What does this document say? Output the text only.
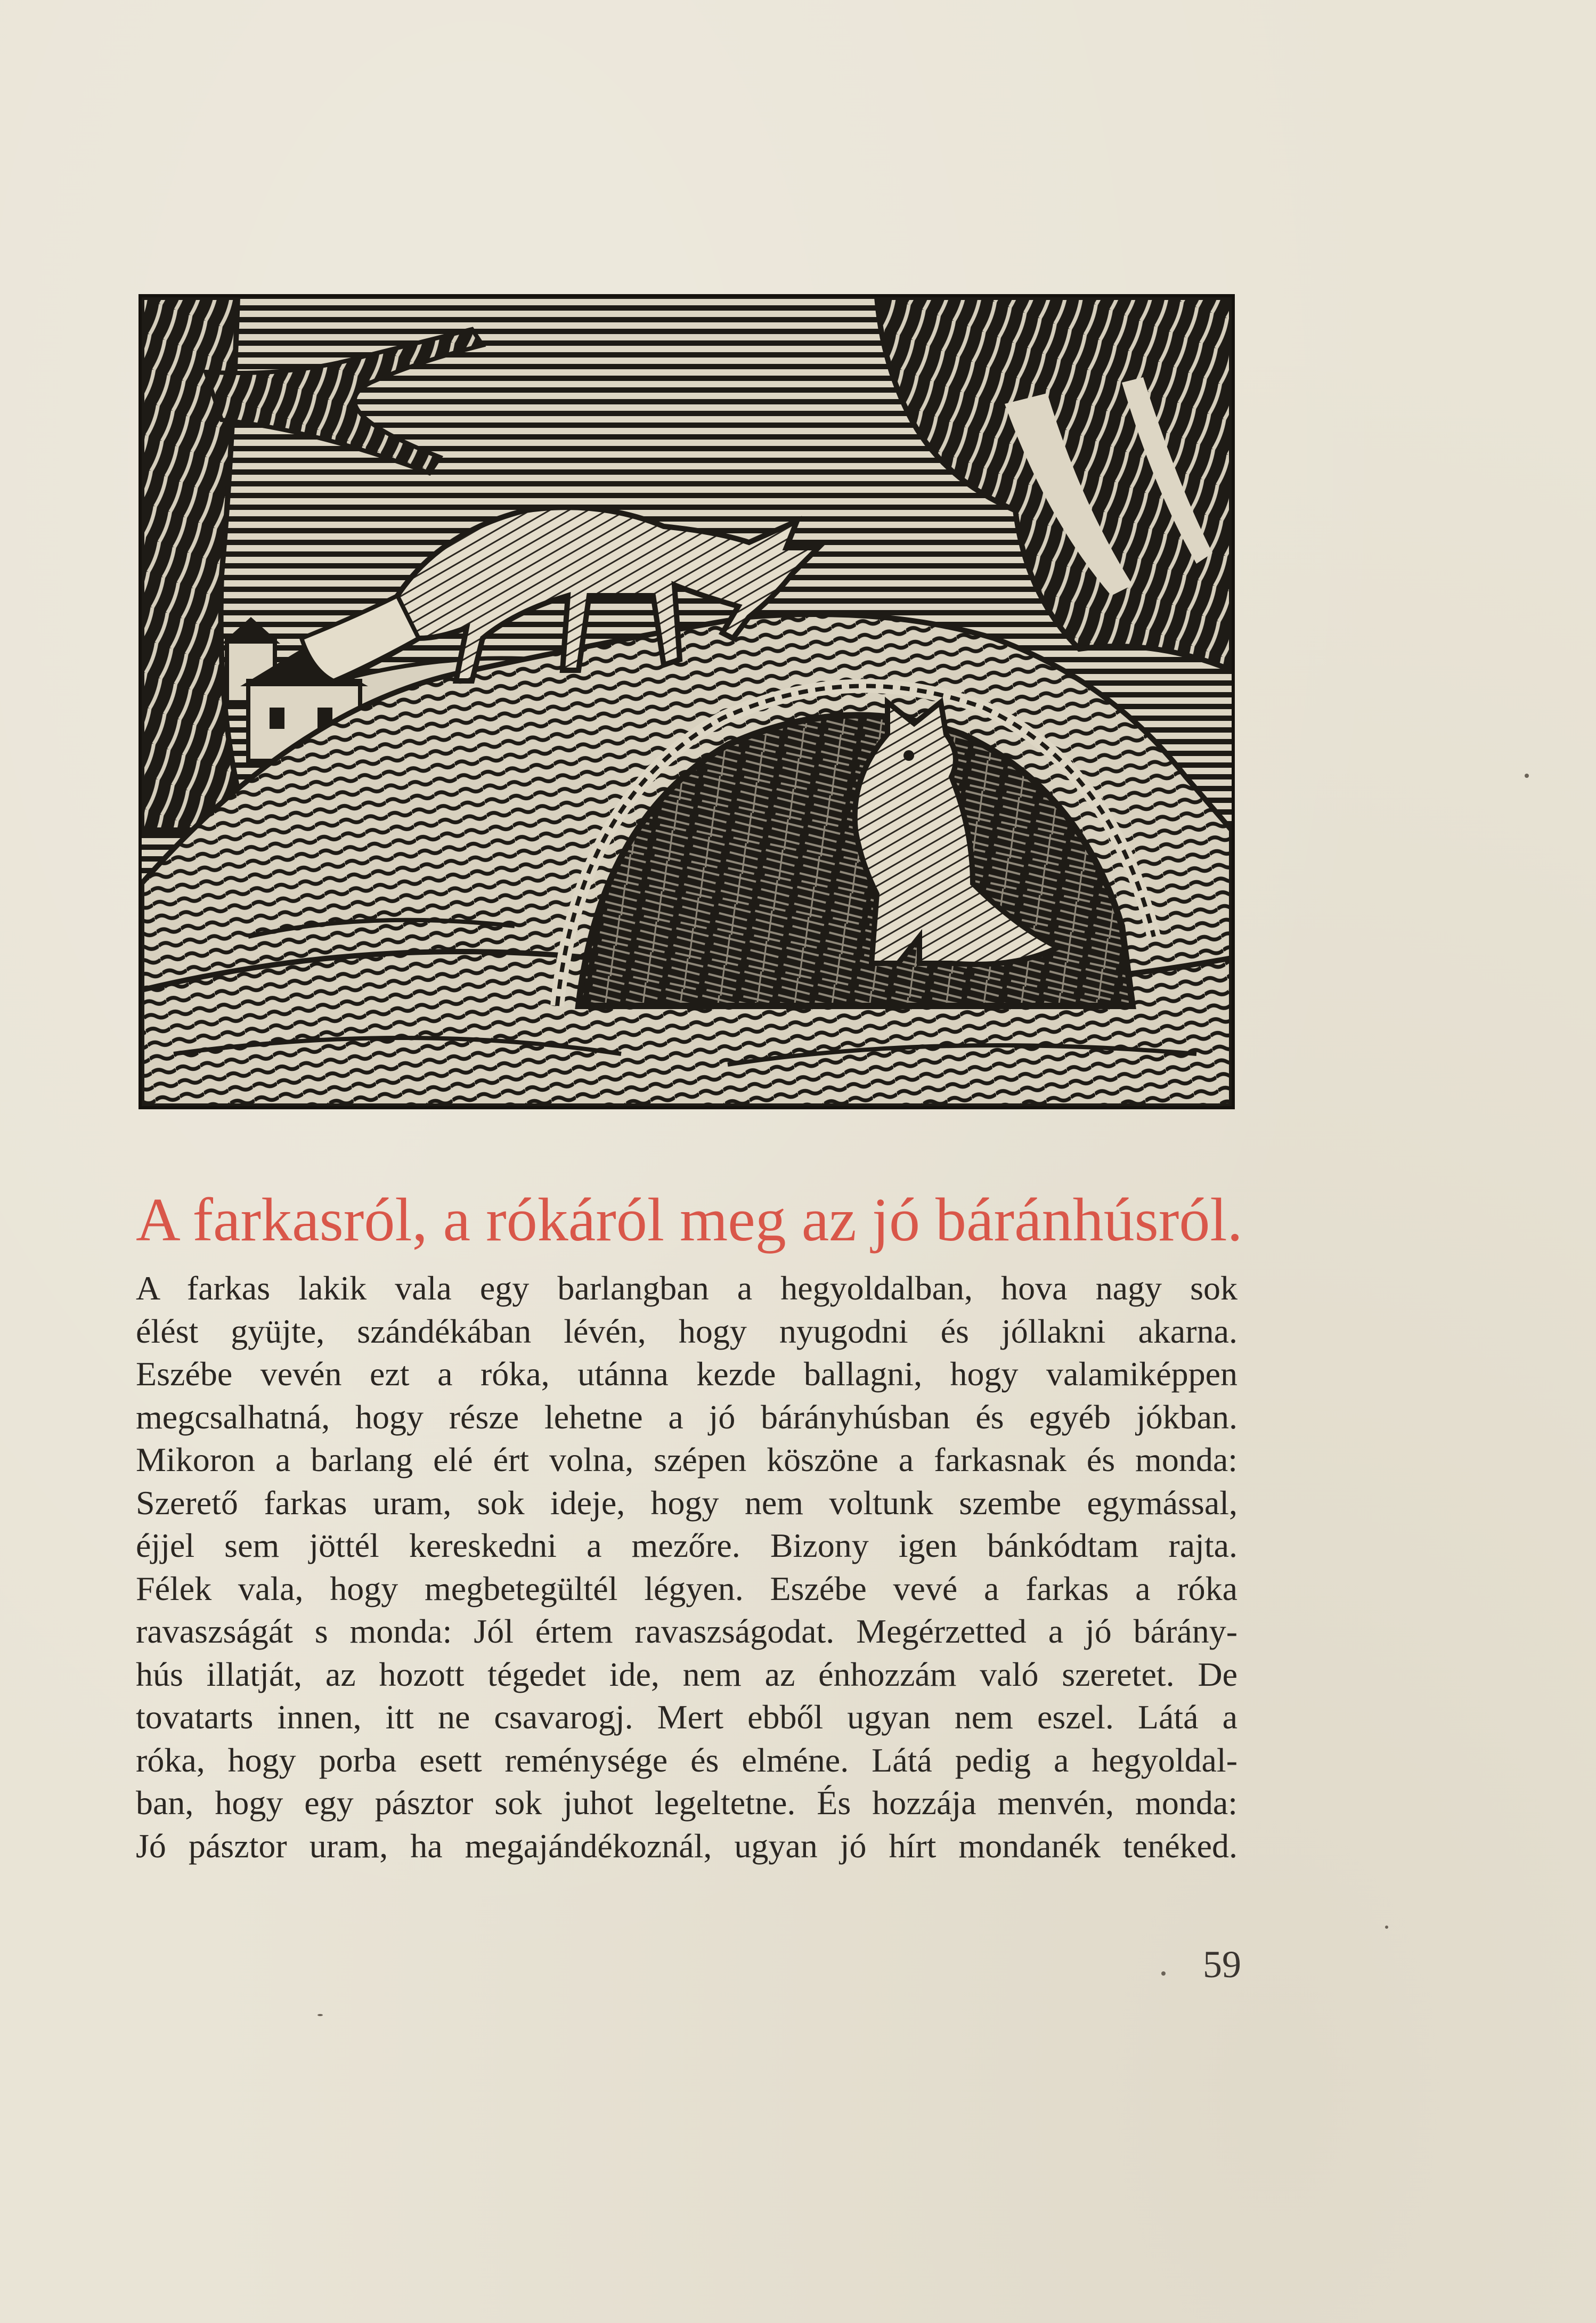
A farkasról, a rókáról meg az jó báránhúsról.
A farkas lakik vala egy barlangban a hegyoldalban, hova nagy sok
élést gyüjte, szándékában lévén, hogy nyugodni és jóllakni akarna.
Eszébe vevén ezt a róka, utánna kezde ballagni, hogy valamiképpen
megcsalhatná, hogy része lehetne a jó bárányhúsban és egyéb jókban.
Mikoron a barlang elé ért volna, szépen köszöne a farkasnak és monda:
Szerető farkas uram, sok ideje, hogy nem voltunk szembe egymással,
éjjel sem jöttél kereskedni a mezőre. Bizony igen bánkódtam rajta.
Félek vala, hogy megbetegültél légyen. Eszébe vevé a farkas a róka
ravaszságát s monda: Jól értem ravaszságodat. Megérzetted a jó bárány-
hús illatját, az hozott tégedet ide, nem az énhozzám való szeretet. De
tovatarts innen, itt ne csavarogj. Mert ebből ugyan nem eszel. Látá a
róka, hogy porba esett reménysége és elméne. Látá pedig a hegyoldal-
ban, hogy egy pásztor sok juhot legeltetne. És hozzája menvén, monda:
Jó pásztor uram, ha megajándékoznál, ugyan jó hírt mondanék tenéked.
59
